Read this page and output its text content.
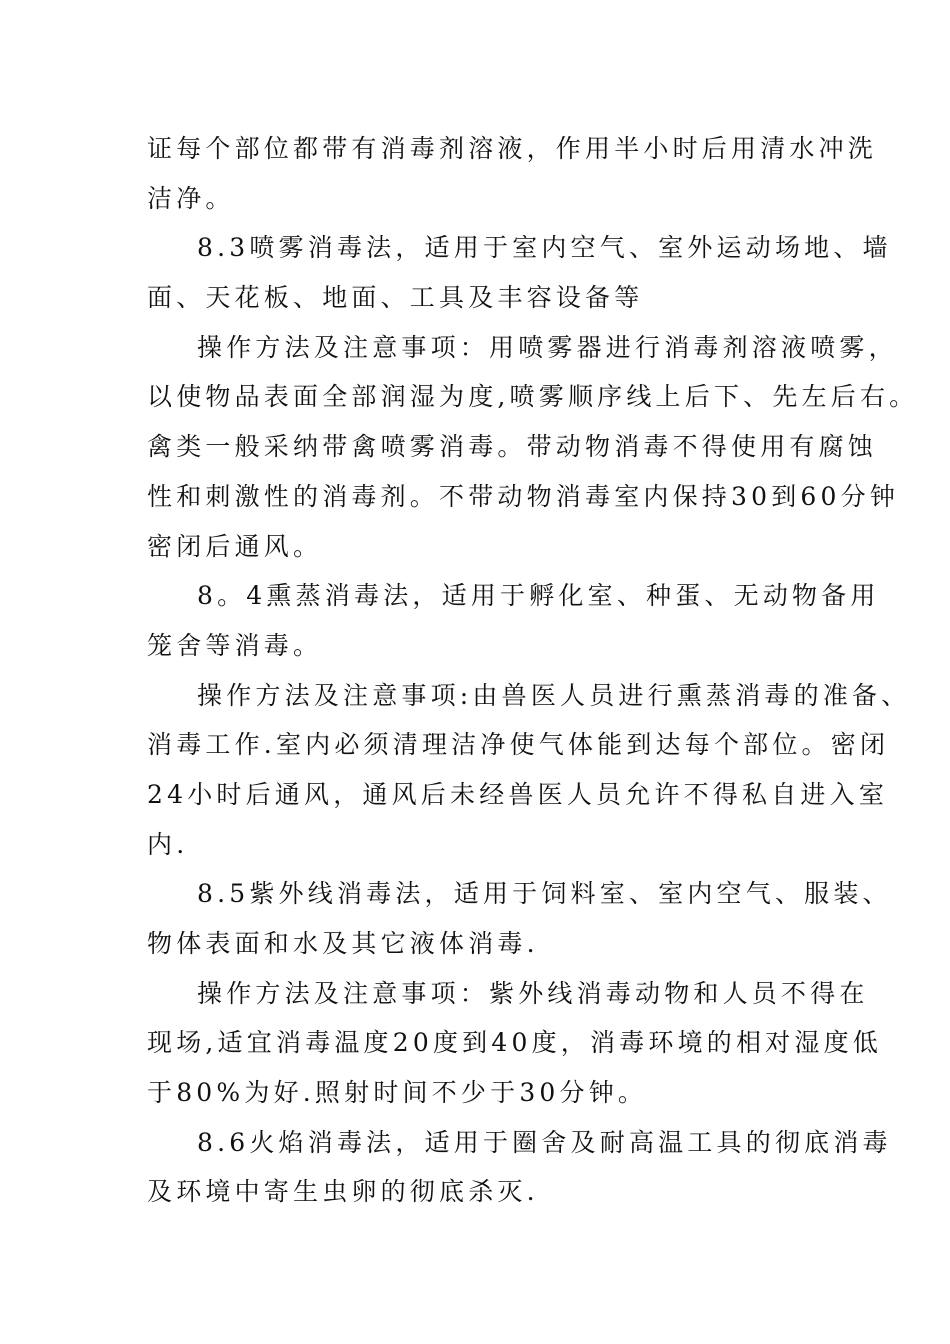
证每个部位都带有消毒剂溶液，作用半小时后用清水冲洗
洁净。
8.3喷雾消毒法，适用于室内空气、室外运动场地、墙
面、天花板、地面、工具及丰容设备等
操作方法及注意事项：用喷雾器进行消毒剂溶液喷雾，
以使物品表面全部润湿为度,喷雾顺序线上后下、先左后右。
禽类一般采纳带禽喷雾消毒。带动物消毒不得使用有腐蚀
性和刺激性的消毒剂。不带动物消毒室内保持30到60分钟
密闭后通风。
8。4熏蒸消毒法，适用于孵化室、种蛋、无动物备用
笼舍等消毒。
操作方法及注意事项:由兽医人员进行熏蒸消毒的准备、
消毒工作.室内必须清理洁净使气体能到达每个部位。密闭
24小时后通风，通风后未经兽医人员允许不得私自进入室
内.
8.5紫外线消毒法，适用于饲料室、室内空气、服装、
物体表面和水及其它液体消毒.
操作方法及注意事项：紫外线消毒动物和人员不得在
现场,适宜消毒温度20度到40度，消毒环境的相对湿度低
于80%为好.照射时间不少于30分钟。
8.6火焰消毒法，适用于圈舍及耐高温工具的彻底消毒
及环境中寄生虫卵的彻底杀灭.
